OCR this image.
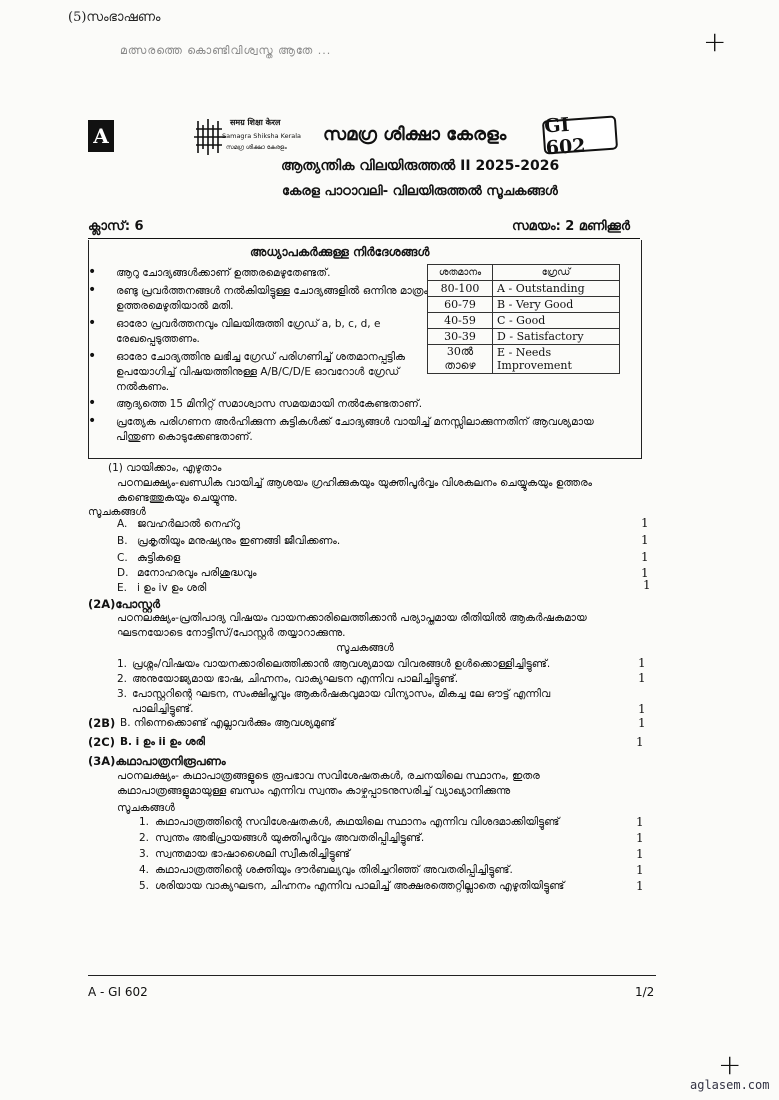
(5)സംഭാഷണം
മത്സരത്തെ കൊണ്ടിവിശ്വസ്ത ആതേ ...	+
+
A
समग्र शिक्षा केरल
Samagra Shiksha Kerala
സമഗ്ര ശിക്ഷാ കേരളം
സമഗ്ര ശിക്ഷാ കേരളം GI 602
ആത്യന്തിക വിലയിരുത്തൽ II 2025-2026
കേരള പാഠാവലി- വിലയിരുത്തൽ സൂചകങ്ങൾ
ക്ലാസ്: 6	സമയം: 2 മണിക്കൂർ
അധ്യാപകർക്കുള്ള നിർദേശങ്ങൾ
• ആറു ചോദ്യങ്ങൾക്കാണ് ഉത്തരമെഴുതേണ്ടത്.
• രണ്ടു പ്രവർത്തനങ്ങൾ നൽകിയിട്ടുള്ള ചോദ്യങ്ങളിൽ ഒന്നിനു മാത്രം ഉത്തരമെഴുതിയാൽ മതി.
• ഓരോ പ്രവർത്തനവും വിലയിരുത്തി ഗ്രേഡ് a, b, c, d, e രേഖപ്പെടുത്തണം.
• ഓരോ ചോദ്യത്തിനു ലഭിച്ച ഗ്രേഡ് പരിഗണിച്ച് ശതമാനപ്പട്ടിക ഉപയോഗിച്ച് വിഷയത്തിനുള്ള A/B/C/D/E ഓവറോൾ ഗ്രേഡ് നൽകണം.
• ആദ്യത്തെ 15 മിനിറ്റ് സമാശ്വാസ സമയമായി നൽകേണ്ടതാണ്.
• പ്രത്യേക പരിഗണന അർഹിക്കുന്ന കുട്ടികൾക്ക് ചോദ്യങ്ങൾ വായിച്ച് മനസ്സിലാക്കുന്നതിന് ആവശ്യമായ പിന്തുണ കൊടുക്കേണ്ടതാണ്.
ശതമാനം	ഗ്രേഡ്
80-100	A - Outstanding
60-79	B - Very Good
40-59	C - Good
30-39	D - Satisfactory
30ൽ താഴെ	E - Needs Improvement
(1) വായിക്കാം, എഴുതാം
പഠനലക്ഷ്യം-ഖണ്ഡിക വായിച്ച് ആശയം ഗ്രഹിക്കുകയും യുക്തിപൂർവ്വം വിശകലനം ചെയ്യുകയും ഉത്തരം കണ്ടെത്തുകയും ചെയ്യുന്നു.
സൂചകങ്ങൾ
A. ജവഹർലാൽ നെഹ്റു	1
B. പ്രകൃതിയും മനുഷ്യനും ഇണങ്ങി ജീവിക്കണം.	1
C. കുട്ടികളെ	1
D. മനോഹരവും പരിശുദ്ധവും	1
E. i ഉം iv ഉം ശരി	1
(2A)പോസ്റ്റർ
പഠനലക്ഷ്യം-പ്രതിപാദ്യ വിഷയം വായനക്കാരിലെത്തിക്കാൻ പര്യാപ്തമായ രീതിയിൽ ആകർഷകമായ ഘടനയോടെ നോട്ടീസ്/പോസ്റ്റർ തയ്യാറാക്കുന്നു.
സൂചകങ്ങൾ
1. പ്രശ്നം/വിഷയം വായനക്കാരിലെത്തിക്കാൻ ആവശ്യമായ വിവരങ്ങൾ ഉൾക്കൊള്ളിച്ചിട്ടുണ്ട്.	1
2. അനുയോജ്യമായ ഭാഷ, ചിഹ്നനം, വാക്യഘടന എന്നിവ പാലിച്ചിട്ടുണ്ട്.	1
3. പോസ്റ്ററിന്റെ ഘടന, സംക്ഷിപ്തവും ആകർഷകവുമായ വിന്യാസം, മികച്ച ലേ ഔട്ട് എന്നിവ പാലിച്ചിട്ടുണ്ട്.	1
(2B) B. നിന്നെക്കൊണ്ട് എല്ലാവർക്കും ആവശ്യമുണ്ട്	1
(2C) B. i ഉം ii ഉം ശരി	1
(3A)കഥാപാത്രനിരൂപണം
പഠനലക്ഷ്യം- കഥാപാത്രങ്ങളുടെ രൂപഭാവ സവിശേഷതകൾ, രചനയിലെ സ്ഥാനം, ഇതര കഥാപാത്രങ്ങളുമായുള്ള ബന്ധം എന്നിവ സ്വന്തം കാഴ്ചപ്പാടനുസരിച്ച് വ്യാഖ്യാനിക്കുന്നു
സൂചകങ്ങൾ
1. കഥാപാത്രത്തിന്റെ സവിശേഷതകൾ, കഥയിലെ സ്ഥാനം എന്നിവ വിശദമാക്കിയിട്ടുണ്ട്	1
2. സ്വന്തം അഭിപ്രായങ്ങൾ യുക്തിപൂർവ്വം അവതരിപ്പിച്ചിട്ടുണ്ട്.	1
3. സ്വന്തമായ ഭാഷാശൈലി സ്വീകരിച്ചിട്ടുണ്ട്	1
4. കഥാപാത്രത്തിന്റെ ശക്തിയും ദൗർബല്യവും തിരിച്ചറിഞ്ഞ് അവതരിപ്പിച്ചിട്ടുണ്ട്.	1
5. ശരിയായ വാക്യഘടന, ചിഹ്നനം എന്നിവ പാലിച്ച് അക്ഷരത്തെറ്റില്ലാതെ എഴുതിയിട്ടുണ്ട്	1
A - GI 602	1/2
aglasem.com
